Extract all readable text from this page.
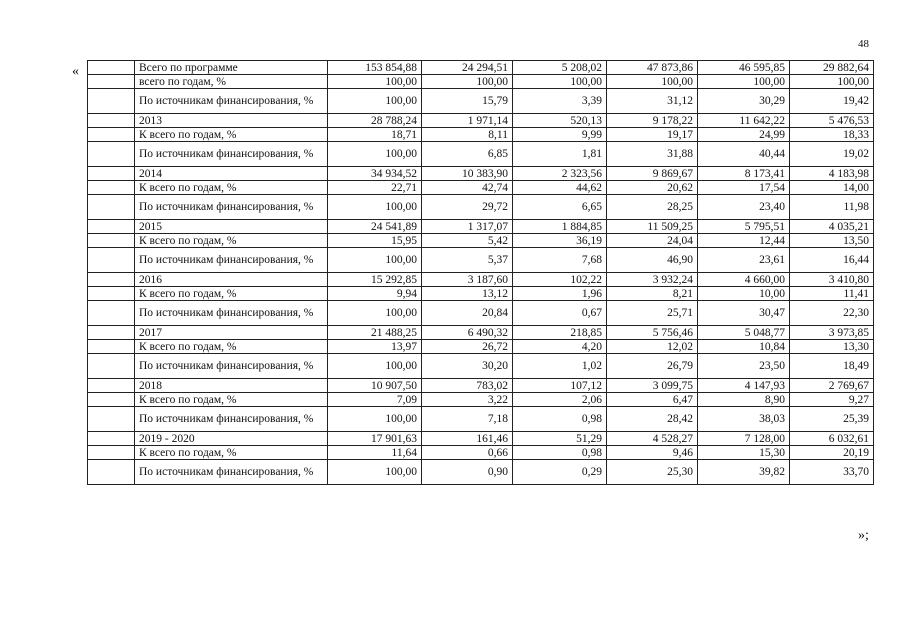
48
«
»;
	Всего по программе	153 854,88	24 294,51	5 208,02	47 873,86	46 595,85	29 882,64
	всего по годам, %	100,00	100,00	100,00	100,00	100,00	100,00
	По источникам финансирования, %	100,00	15,79	3,39	31,12	30,29	19,42
	2013	28 788,24	1 971,14	520,13	9 178,22	11 642,22	5 476,53
	К всего по годам, %	18,71	8,11	9,99	19,17	24,99	18,33
	По источникам финансирования, %	100,00	6,85	1,81	31,88	40,44	19,02
	2014	34 934,52	10 383,90	2 323,56	9 869,67	8 173,41	4 183,98
	К всего по годам, %	22,71	42,74	44,62	20,62	17,54	14,00
	По источникам финансирования, %	100,00	29,72	6,65	28,25	23,40	11,98
	2015	24 541,89	1 317,07	1 884,85	11 509,25	5 795,51	4 035,21
	К всего по годам, %	15,95	5,42	36,19	24,04	12,44	13,50
	По источникам финансирования, %	100,00	5,37	7,68	46,90	23,61	16,44
	2016	15 292,85	3 187,60	102,22	3 932,24	4 660,00	3 410,80
	К всего по годам, %	9,94	13,12	1,96	8,21	10,00	11,41
	По источникам финансирования, %	100,00	20,84	0,67	25,71	30,47	22,30
	2017	21 488,25	6 490,32	218,85	5 756,46	5 048,77	3 973,85
	К всего по годам, %	13,97	26,72	4,20	12,02	10,84	13,30
	По источникам финансирования, %	100,00	30,20	1,02	26,79	23,50	18,49
	2018	10 907,50	783,02	107,12	3 099,75	4 147,93	2 769,67
	К всего по годам, %	7,09	3,22	2,06	6,47	8,90	9,27
	По источникам финансирования, %	100,00	7,18	0,98	28,42	38,03	25,39
	2019 - 2020	17 901,63	161,46	51,29	4 528,27	7 128,00	6 032,61
	К всего по годам, %	11,64	0,66	0,98	9,46	15,30	20,19
	По источникам финансирования, %	100,00	0,90	0,29	25,30	39,82	33,70
